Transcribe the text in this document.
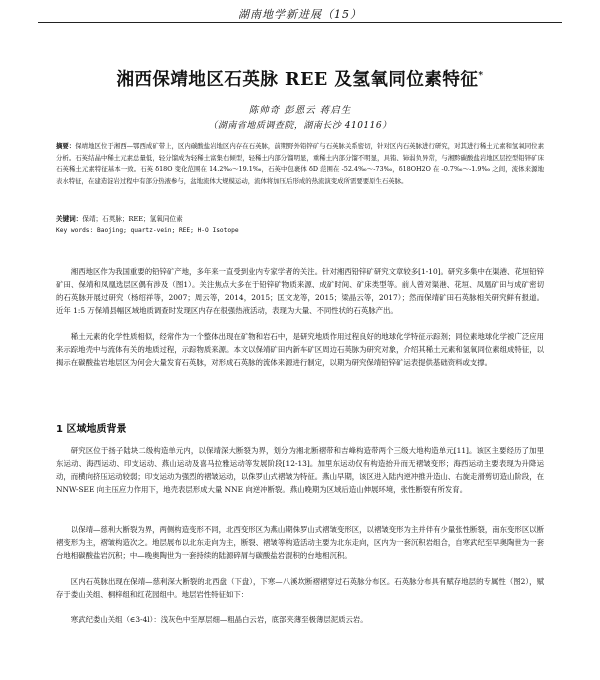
湖南地学新进展（15）
湘西保靖地区石英脉 REE 及氢氧同位素特征*
陈帅奇 彭恩云 蒋启生
（湖南省地质调查院，湖南长沙 410116）
摘要：保靖地区位于湘西—鄂西成矿带上，区内碳酸盐岩地区内存在石英脉，前期野外铅锌矿与石英脉关系密切，针对区内石英脉进行研究，对其进行稀土元素和氢氧同位素分析。石英结晶中稀土元素总量低，轻分馏成为轻稀土富集右倾型，轻稀土内部分馏明显，重稀土内部分馏不明显，具铕、铈弱负异常，与湘黔碳酸盐岩地区层控型铅锌矿床石英稀土元素特征基本一致。石英 δ18O 变化范围在 14.2‰～19.1‰，石英中包裹体 δD 范围在 -52.4‰～-73‰，δ18OH2O 在 -0.7‰～-1.9‰ 之间，流体来源地表水特征，在建造淀岩过程中有部分热液参与，盆地流体大规模运动，流体将加压后形成的热流演变成所需要要原生石英脉。
关键词：保靖；石英脉；REE；氢氧同位素
Key words: Baojing; quartz-vein; REE; H-O Isotope
湘西地区作为我国重要的铅锌矿产地，多年来一直受到业内专家学者的关注。针对湘西铅锌矿研究文章较多[1-10]。研究多集中在渠港、花垣铅锌矿田、保靖和凤凰选层区偶有涉及（图1）。关注焦点大多在于铅锌矿物质来源、成矿时间、矿床类型等。前人曾对渠港、花垣、凤凰矿田与成矿密切的石英脉开展过研究（杨绍祥等，2007；周云等，2014，2015；匡文龙等，2015；梁晶云等，2017）；然而保靖矿田石英脉相关研究鲜有报道。近年 1:5 万保靖县幅区域地质调查时发现区内存在很强热液活动，表现为大量、不同性状的石英脉产出。
稀土元素的化学性质相似，经常作为一个整体出现在矿物和岩石中，是研究地质作用过程良好的地球化学特征示踪剂；同位素地球化学被广泛应用来示踪地壳中与流体有关的地质过程，示踪物质来源。本文以保靖矿田内新车矿区周边石英脉为研究对象，介绍其稀土元素和氢氧同位素组成特征，以揭示在碳酸盐岩地层区为何会大量发育石英脉，对形成石英脉的流体来源进行制定，以期为研究保靖铅锌矿运表提供基础资料或支撑。
1 区域地质背景
研究区位于扬子陆块二级构造单元内，以保靖深大断裂为界，划分为湘北断褶带和吉峰构造带两个三级大地构造单元[11]。该区主要经历了加里东运动、海西运动、印支运动、燕山运动及喜马拉雅运动等发展阶段[12-13]。加里东运动仅有构造抬升而无褶皱变形；海西运动主要表现为升降运动，而横向挤压运动较弱；印支运动为强烈的褶皱运动，以侏罗山式褶皱为特征。燕山早期，该区进入陆内逆冲推升造山、右旋走滑剪切造山阶段，在 NNW-SEE 向主压应力作用下，地壳表层形成大量 NNE 向逆冲断裂。燕山晚期为区域后造山伸展环境，张性断裂有所发育。
以保靖—慈利大断裂为界，两侧构造变形不同，北西变形区为燕山期侏罗山式褶皱变形区，以褶皱变形为主并伴有少量张性断裂，南东变形区以断褶变形为主，褶皱构造次之。地层展布以北东走向为主，断裂、褶皱等构造活动主要为北东走向，区内为一套沉积岩组合，自寒武纪至早奥陶世为一套台地相碳酸盐岩沉积；中—晚奥陶世为一套持续的陆源碎屑与碳酸盐岩混积的台地相沉积。
区内石英脉出现在保靖—慈利深大断裂的北西盘（下盘），下寒—八溪坎断褶褶穿过石英脉分布区。石英脉分布具有赋存地层的专属性（图2），赋存于娄山关组、桐梓组和红花园组中。地层岩性特征如下：
寒武纪娄山关组（∈3-4l）：浅灰色中至厚层细—粗晶白云岩，底部夹薄至极薄层泥质云岩。
